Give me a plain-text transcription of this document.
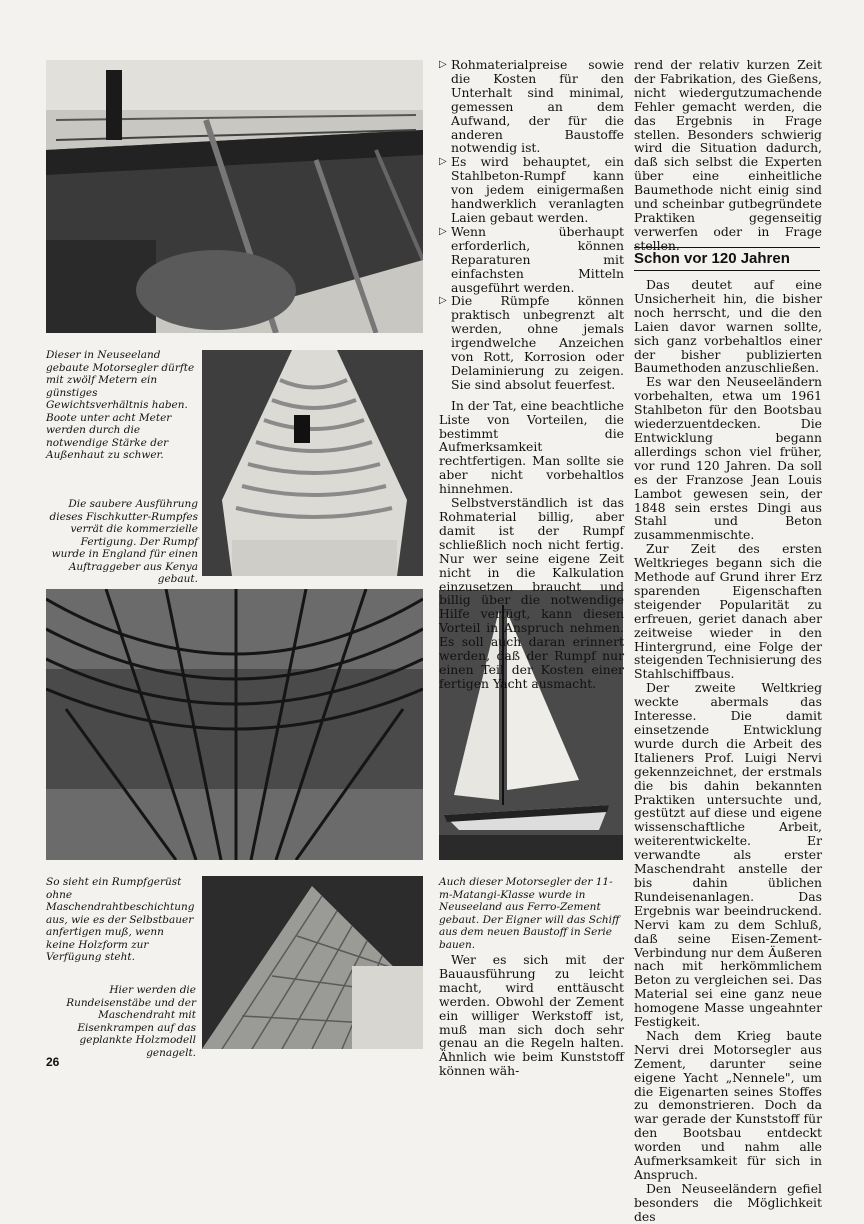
Dieser in Neuseeland gebaute Motorsegler dürfte mit zwölf Metern ein günstiges Gewichtsverhältnis haben. Boote unter acht Meter werden durch die notwendige Stärke der Außenhaut zu schwer.
Die saubere Ausführung dieses Fischkutter-Rumpfes verrät die kommerzielle Fertigung. Der Rumpf wurde in England für einen Auftraggeber aus Kenya gebaut.
So sieht ein Rumpfgerüst ohne Maschendrahtbeschichtung aus, wie es der Selbstbauer anfertigen muß, wenn keine Holzform zur Verfügung steht.
Hier werden die Rundeisenstäbe und der Maschendraht mit Eisenkrampen auf das geplankte Holzmodell genagelt.
Auch dieser Motorsegler der 11-m-Matangi-Klasse wurde in Neuseeland aus Ferro-Zement gebaut. Der Eigner will das Schiff aus dem neuen Baustoff in Serie bauen.
▷ Rohmaterialpreise sowie die Kosten für den Unterhalt sind minimal, gemessen an dem Aufwand, der für die anderen Baustoffe notwendig ist.
▷ Es wird behauptet, ein Stahlbeton-Rumpf kann von jedem einigermaßen handwerklich veranlagten Laien gebaut werden.
▷ Wenn überhaupt erforderlich, können Reparaturen mit einfachsten Mitteln ausgeführt werden.
▷ Die Rümpfe können praktisch unbegrenzt alt werden, ohne jemals irgendwelche Anzeichen von Rott, Korrosion oder Delaminierung zu zeigen. Sie sind absolut feuerfest.

In der Tat, eine beachtliche Liste von Vorteilen, die bestimmt die Aufmerksamkeit rechtfertigen. Man sollte sie aber nicht vorbehaltlos hinnehmen.

Selbstverständlich ist das Rohmaterial billig, aber damit ist der Rumpf schließlich noch nicht fertig. Nur wer seine eigene Zeit nicht in die Kalkulation einzusetzen braucht und billig über die notwendige Hilfe verfügt, kann diesen Vorteil in Anspruch nehmen. Es soll auch daran erinnert werden, daß der Rumpf nur einen Teil der Kosten einer fertigen Yacht ausmacht.

Wer es sich mit der Bauausführung zu leicht macht, wird enttäuscht werden. Obwohl der Zement ein williger Werkstoff ist, muß man sich doch sehr genau an die Regeln halten. Ähnlich wie beim Kunststoff können wäh-

rend der relativ kurzen Zeit der Fabrikation, des Gießens, nicht wiedergutzumachende Fehler gemacht werden, die das Ergebnis in Frage stellen. Besonders schwierig wird die Situation dadurch, daß sich selbst die Experten über eine einheitliche Baumethode nicht einig sind und scheinbar gutbegründete Praktiken gegenseitig verwerfen oder in Frage stellen.

Schon vor 120 Jahren

Das deutet auf eine Unsicherheit hin, die bisher noch herrscht, und die den Laien davor warnen sollte, sich ganz vorbehaltlos einer der bisher publizierten Baumethoden anzuschließen.

Es war den Neuseeländern vorbehalten, etwa um 1961 Stahlbeton für den Bootsbau wiederzuentdecken. Die Entwicklung begann allerdings schon viel früher, vor rund 120 Jahren. Da soll es der Franzose Jean Louis Lambot gewesen sein, der 1848 sein erstes Dingi aus Stahl und Beton zusammenmischte.

Zur Zeit des ersten Weltkrieges begann sich die Methode auf Grund ihrer Erz sparenden Eigenschaften steigender Popularität zu erfreuen, geriet danach aber zeitweise wieder in den Hintergrund, eine Folge der steigenden Technisierung des Stahlschiffbaus.

Der zweite Weltkrieg weckte abermals das Interesse. Die damit einsetzende Entwicklung wurde durch die Arbeit des Italieners Prof. Luigi Nervi gekennzeichnet, der erstmals die bis dahin bekannten Praktiken untersuchte und, gestützt auf diese und eigene wissenschaftliche Arbeit, weiterentwickelte. Er verwandte als erster Maschendraht anstelle der bis dahin üblichen Rundeisenanlagen. Das Ergebnis war beeindruckend. Nervi kam zu dem Schluß, daß seine Eisen-Zement-Verbindung nur dem Äußeren nach mit herkömmlichem Beton zu vergleichen sei. Das Material sei eine ganz neue homogene Masse ungeahnter Festigkeit.

Nach dem Krieg baute Nervi drei Motorsegler aus Zement, darunter seine eigene Yacht „Nennele", um die Eigenarten seines Stoffes zu demonstrieren. Doch da war gerade der Kunststoff für den Bootsbau entdeckt worden und nahm alle Aufmerksamkeit für sich in Anspruch.

Den Neuseeländern gefiel besonders die Möglichkeit des

26
